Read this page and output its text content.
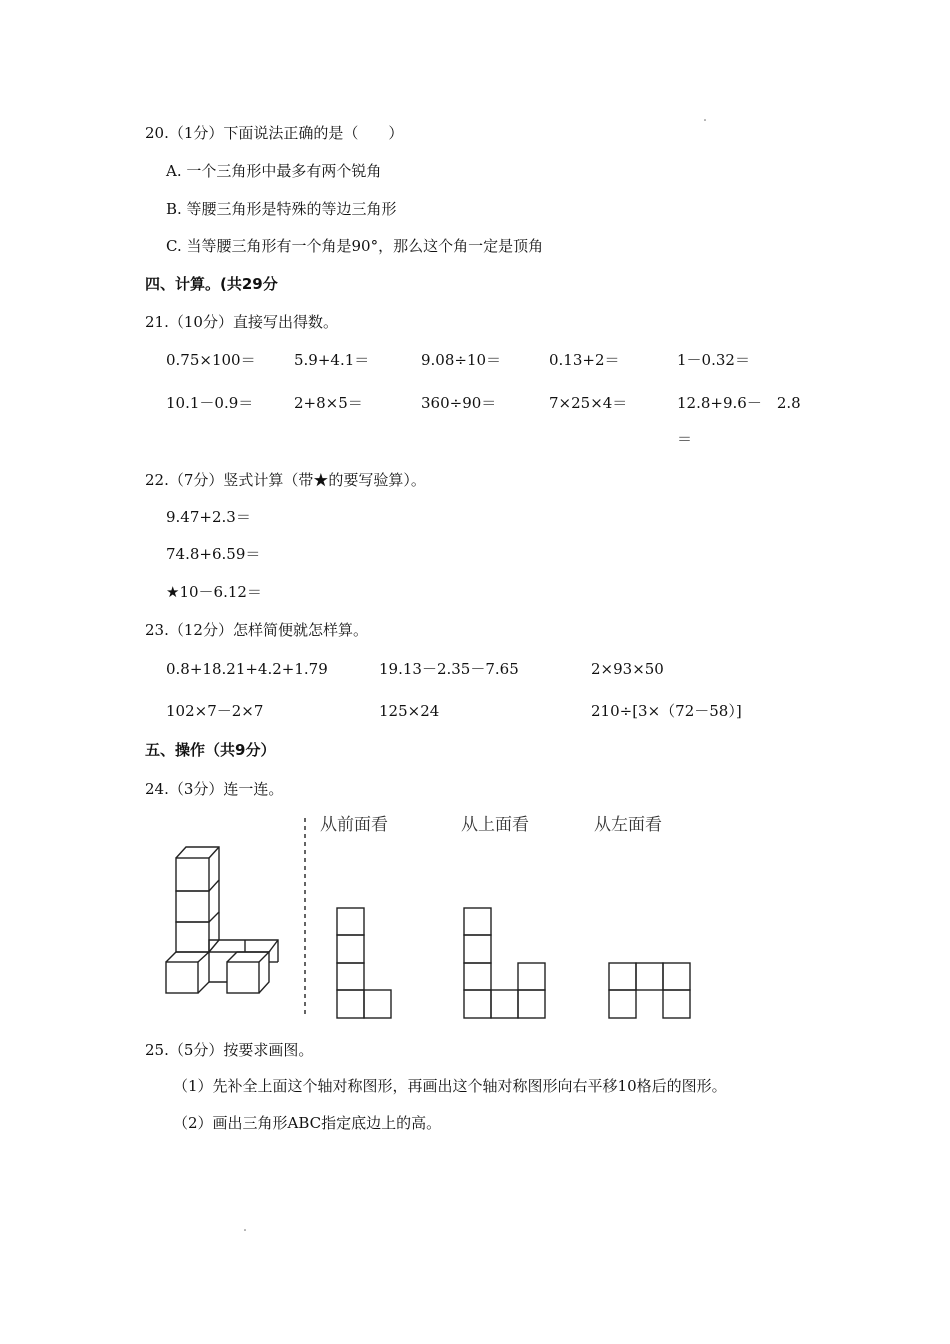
20.（1分）下面说法正确的是（　　）
A. 一个三角形中最多有两个锐角
B. 等腰三角形是特殊的等边三角形
C. 当等腰三角形有一个角是90°，那么这个角一定是顶角
四、计算。(共29分
21.（10分）直接写出得数。
0.75×100＝	5.9+4.1＝	9.08÷10＝	0.13+2＝	1－0.32＝
10.1－0.9＝	2+8×5＝	360÷90＝	7×25×4＝	12.8+9.6－　2.8
＝
22.（7分）竖式计算（带★的要写验算）。
9.47+2.3＝
74.8+6.59＝
★10－6.12＝
23.（12分）怎样简便就怎样算。
0.8+18.21+4.2+1.79	19.13－2.35－7.65	2×93×50
102×7－2×7	125×24	210÷[3×（72－58）]
五、操作（共9分）
24.（3分）连一连。
从前面看	从上面看	从左面看
25.（5分）按要求画图。
（1）先补全上面这个轴对称图形，再画出这个轴对称图形向右平移10格后的图形。
（2）画出三角形ABC指定底边上的高。
